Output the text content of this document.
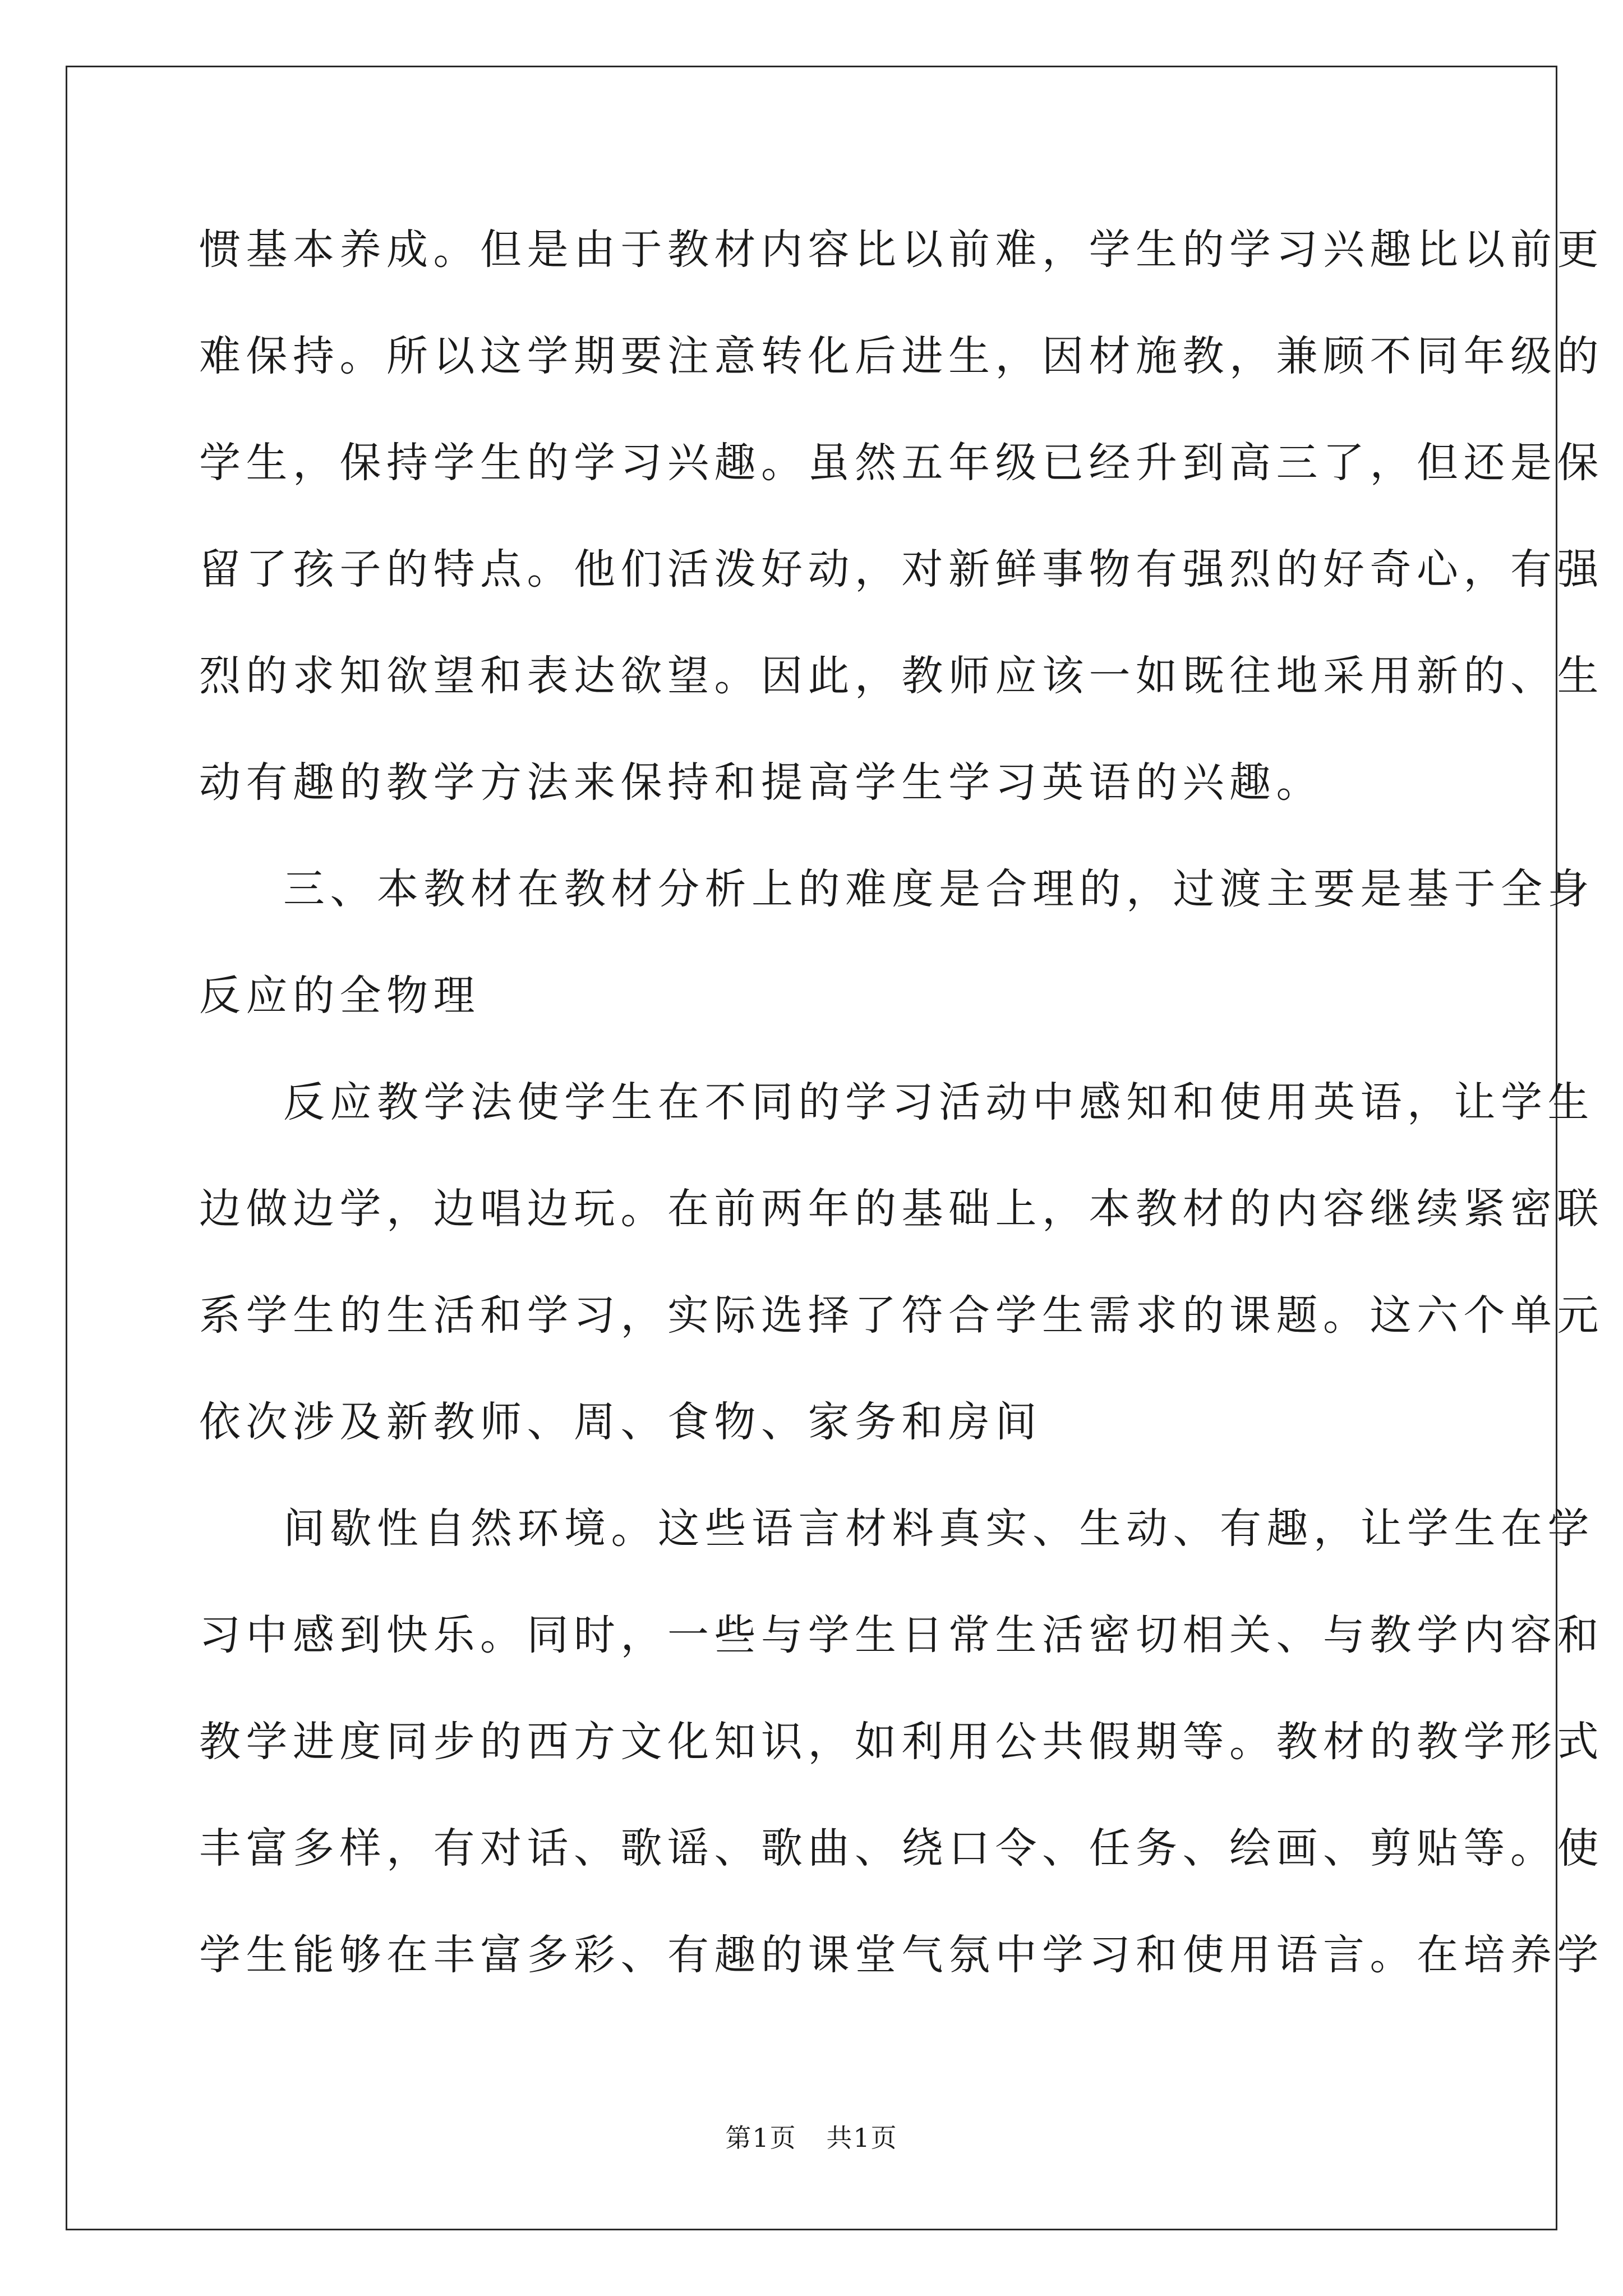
惯基本养成。但是由于教材内容比以前难，学生的学习兴趣比以前更
难保持。所以这学期要注意转化后进生，因材施教，兼顾不同年级的
学生，保持学生的学习兴趣。虽然五年级已经升到高三了，但还是保
留了孩子的特点。他们活泼好动，对新鲜事物有强烈的好奇心，有强
烈的求知欲望和表达欲望。因此，教师应该一如既往地采用新的、生
动有趣的教学方法来保持和提高学生学习英语的兴趣。
三、本教材在教材分析上的难度是合理的，过渡主要是基于全身
反应的全物理
反应教学法使学生在不同的学习活动中感知和使用英语，让学生
边做边学，边唱边玩。在前两年的基础上，本教材的内容继续紧密联
系学生的生活和学习，实际选择了符合学生需求的课题。这六个单元
依次涉及新教师、周、食物、家务和房间
间歇性自然环境。这些语言材料真实、生动、有趣，让学生在学
习中感到快乐。同时，一些与学生日常生活密切相关、与教学内容和
教学进度同步的西方文化知识，如利用公共假期等。教材的教学形式
丰富多样，有对话、歌谣、歌曲、绕口令、任务、绘画、剪贴等。使
学生能够在丰富多彩、有趣的课堂气氛中学习和使用语言。在培养学
第1页 共1页
